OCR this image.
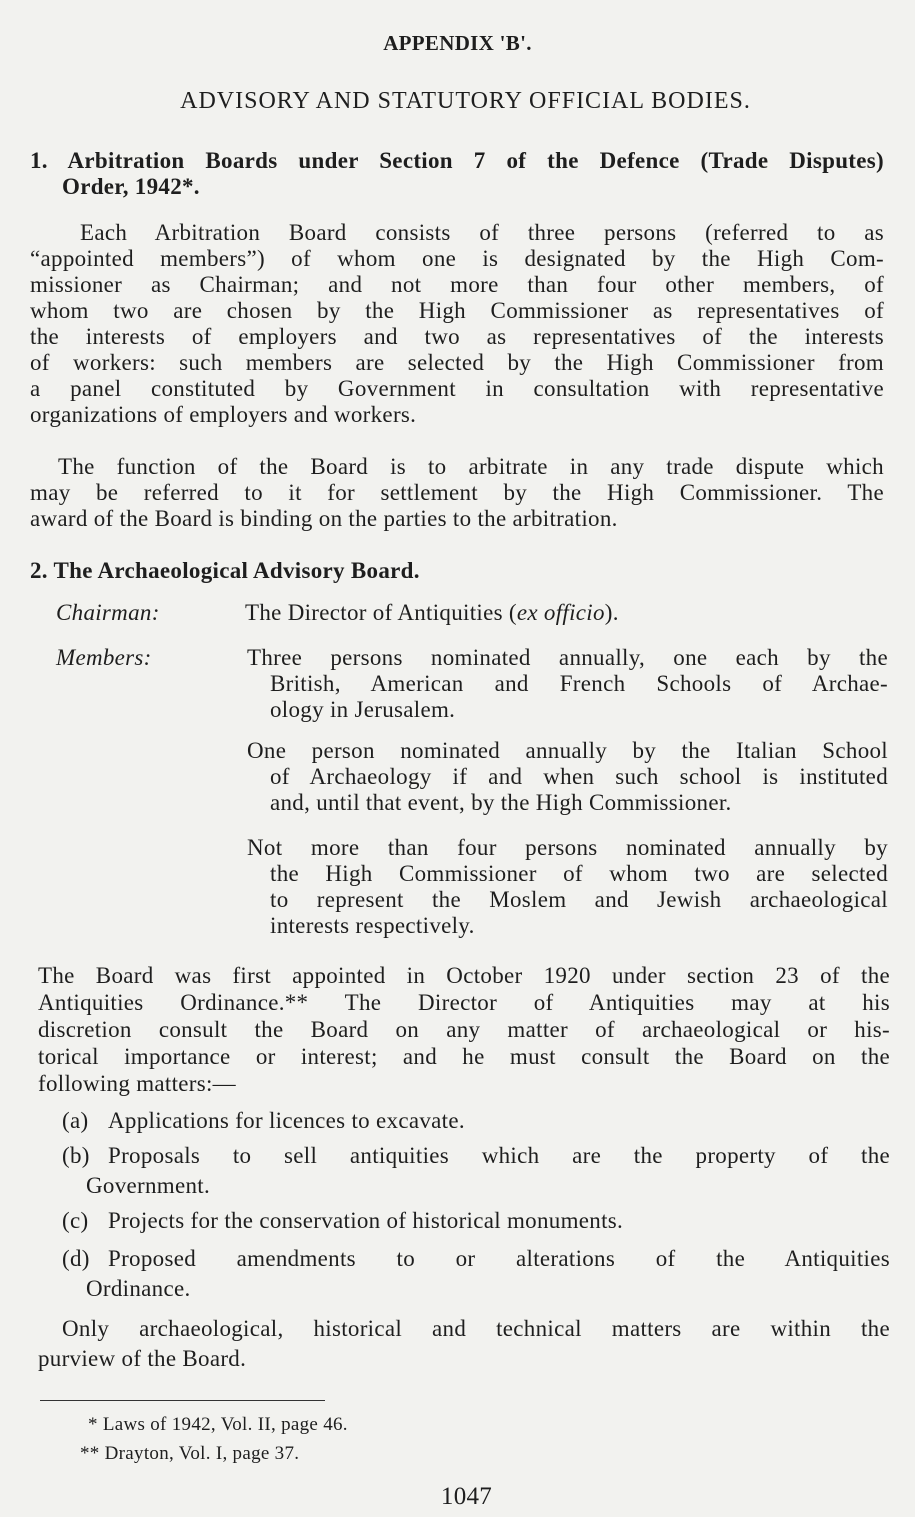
APPENDIX 'B'.
ADVISORY AND STATUTORY OFFICIAL BODIES.
1. Arbitration Boards under Section 7 of the Defence (Trade Disputes)
Order, 1942*.
Each Arbitration Board consists of three persons (referred to as
“appointed members”) of whom one is designated by the High Com-
missioner as Chairman; and not more than four other members, of
whom two are chosen by the High Commissioner as representatives of
the interests of employers and two as representatives of the interests
of workers: such members are selected by the High Commissioner from
a panel constituted by Government in consultation with representative
organizations of employers and workers.
The function of the Board is to arbitrate in any trade dispute which
may be referred to it for settlement by the High Commissioner. The
award of the Board is binding on the parties to the arbitration.
2. The Archaeological Advisory Board.
Three persons nominated annually, one each by the
British, American and French Schools of Archae-
ology in Jerusalem.
One person nominated annually by the Italian School
of Archaeology if and when such school is instituted
and, until that event, by the High Commissioner.
Not more than four persons nominated annually by
the High Commissioner of whom two are selected
to represent the Moslem and Jewish archaeological
interests respectively.
The Board was first appointed in October 1920 under section 23 of the
Antiquities Ordinance.** The Director of Antiquities may at his
discretion consult the Board on any matter of archaeological or his-
torical importance or interest; and he must consult the Board on the
following matters:—
Applications for licences to excavate.
Proposals to sell antiquities which are the property of the
Government.
Projects for the conservation of historical monuments.
Proposed amendments to or alterations of the Antiquities
Ordinance.
Only archaeological, historical and technical matters are within the
purview of the Board.
Chairman:	The Director of Antiquities (ex officio).
Members:
(a)
(b)
(c)
(d)
* Laws of 1942, Vol. II, page 46.
** Drayton, Vol. I, page 37.
1047
